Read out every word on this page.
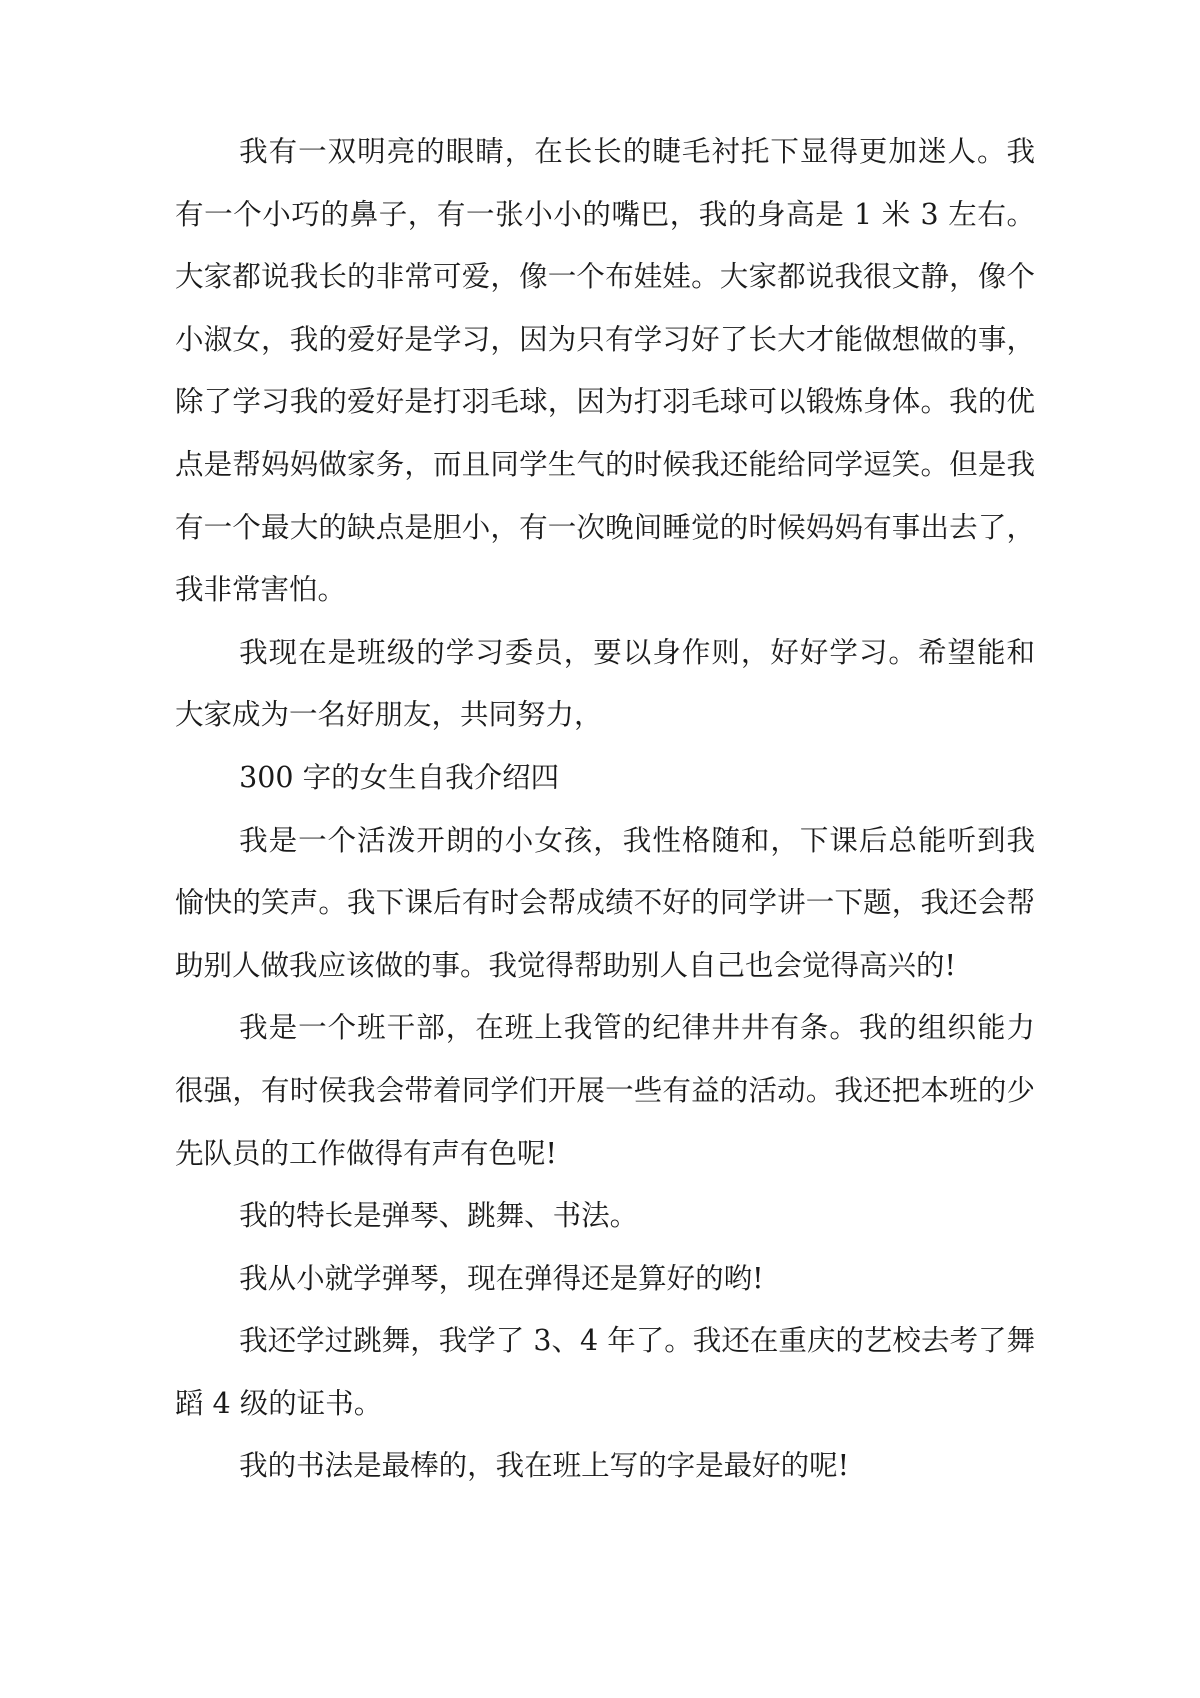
我有一双明亮的眼睛，在长长的睫毛衬托下显得更加迷人。我有一个小巧的鼻子，有一张小小的嘴巴，我的身高是 1 米 3 左右。大家都说我长的非常可爱，像一个布娃娃。大家都说我很文静，像个小淑女，我的爱好是学习，因为只有学习好了长大才能做想做的事，除了学习我的爱好是打羽毛球，因为打羽毛球可以锻炼身体。我的优点是帮妈妈做家务，而且同学生气的时候我还能给同学逗笑。但是我有一个最大的缺点是胆小，有一次晚间睡觉的时候妈妈有事出去了，我非常害怕。

我现在是班级的学习委员，要以身作则，好好学习。希望能和大家成为一名好朋友，共同努力，

300 字的女生自我介绍四

我是一个活泼开朗的小女孩，我性格随和，下课后总能听到我愉快的笑声。我下课后有时会帮成绩不好的同学讲一下题，我还会帮助别人做我应该做的事。我觉得帮助别人自己也会觉得高兴的!

我是一个班干部，在班上我管的纪律井井有条。我的组织能力很强，有时侯我会带着同学们开展一些有益的活动。我还把本班的少先队员的工作做得有声有色呢!

我的特长是弹琴、跳舞、书法。

我从小就学弹琴，现在弹得还是算好的哟!

我还学过跳舞，我学了 3、4 年了。我还在重庆的艺校去考了舞蹈 4 级的证书。

我的书法是最棒的，我在班上写的字是最好的呢!
